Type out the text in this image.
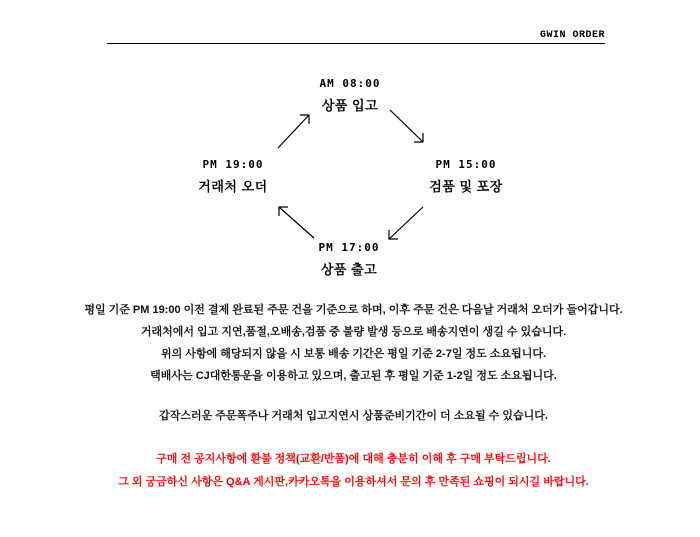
GWIN ORDER
AM 08:00
상품 입고
PM 15:00
검품 및 포장
PM 17:00
상품 출고
PM 19:00
거래처 오더
평일 기준 PM 19:00 이전 결제 완료된 주문 건을 기준으로 하며, 이후 주문 건은 다음날 거래처 오더가 들어갑니다.
거래처에서 입고 지연,품절,오배송,검품 중 불량 발생 등으로 배송지연이 생길 수 있습니다.
위의 사항에 해당되지 않을 시 보통 배송 기간은 평일 기준 2-7일 정도 소요됩니다.
택배사는 CJ대한통운을 이용하고 있으며, 출고된 후 평일 기준 1-2일 정도 소요됩니다.
갑작스러운 주문폭주나 거래처 입고지연시 상품준비기간이 더 소요될 수 있습니다.
구매 전 공지사항에 환불 정책(교환/반품)에 대해 충분히 이해 후 구매 부탁드립니다.
그 외 궁금하신 사항은 Q&A 게시판,카카오톡을 이용하셔서 문의 후 만족된 쇼핑이 되시길 바랍니다.
